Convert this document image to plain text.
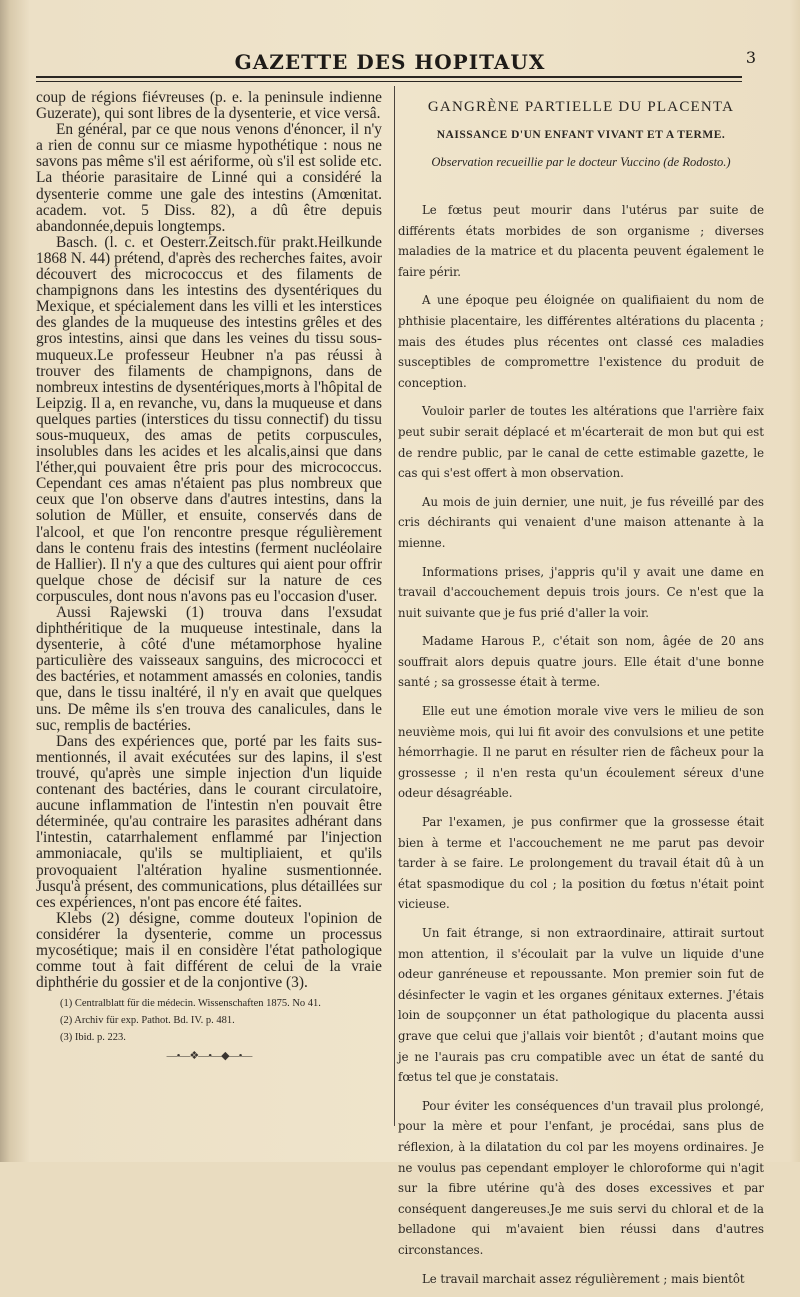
GAZETTE DES HOPITAUX	3

coup de régions fiévreuses (p. e. la peninsule indienne Guzerate), qui sont libres de la dysenterie, et vice versâ.

En général, par ce que nous venons d'énoncer, il n'y a rien de connu sur ce miasme hypothétique : nous ne savons pas même s'il est aériforme, où s'il est solide etc. La théorie parasitaire de Linné qui a considéré la dysenterie comme une gale des intestins (Amœnitat. academ. vot. 5 Diss. 82), a dû être depuis abandonnée,depuis longtemps.

Basch. (l. c. et Oesterr.Zeitsch.für prakt.Heilkunde 1868 N. 44) prétend, d'après des recherches faites, avoir découvert des micrococcus et des filaments de champignons dans les intestins des dysentériques du Mexique, et spécialement dans les villi et les interstices des glandes de la muqueuse des intestins grêles et des gros intestins, ainsi que dans les veines du tissu sous-muqueux.Le professeur Heubner n'a pas réussi à trouver des filaments de champignons, dans de nombreux intestins de dysentériques,morts à l'hôpital de Leipzig. Il a, en revanche, vu, dans la muqueuse et dans quelques parties (interstices du tissu connectif) du tissu sous-muqueux, des amas de petits corpuscules, insolubles dans les acides et les alcalis,ainsi que dans l'éther,qui pouvaient être pris pour des micrococcus. Cependant ces amas n'étaient pas plus nombreux que ceux que l'on observe dans d'autres intestins, dans la solution de Müller, et ensuite, conservés dans de l'alcool, et que l'on rencontre presque régulièrement dans le contenu frais des intestins (ferment nucléolaire de Hallier). Il n'y a que des cultures qui aient pour offrir quelque chose de décisif sur la nature de ces corpuscules, dont nous n'avons pas eu l'occasion d'user.

Aussi Rajewski (1) trouva dans l'exsudat diphthéritique de la muqueuse intestinale, dans la dysenterie, à côté d'une métamorphose hyaline particulière des vaisseaux sanguins, des micrococci et des bactéries, et notamment amassés en colonies, tandis que, dans le tissu inaltéré, il n'y en avait que quelques uns. De même ils s'en trouva des canalicules, dans le suc, remplis de bactéries.

Dans des expériences que, porté par les faits sus-mentionnés, il avait exécutées sur des lapins, il s'est trouvé, qu'après une simple injection d'un liquide contenant des bactéries, dans le courant circulatoire, aucune inflammation de l'intestin n'en pouvait être déterminée, qu'au contraire les parasites adhérant dans l'intestin, catarrhalement enflammé par l'injection ammoniacale, qu'ils se multipliaient, et qu'ils provoquaient l'altération hyaline susmentionnée. Jusqu'à présent, des communications, plus détaillées sur ces expériences, n'ont pas encore été faites.

Klebs (2) désigne, comme douteux l'opinion de considérer la dysenterie, comme un processus mycosétique; mais il en considère l'état pathologique comme tout à fait différent de celui de la vraie diphthérie du gossier et de la conjontive (3).

(1) Centralblatt für die médecin. Wissenschaften 1875. No 41.

(2) Archiv für exp. Pathot. Bd. IV. p. 481.

(3) Ibid. p. 223.

—•—❖—•—◆—•—
GANGRÈNE PARTIELLE DU PLACENTA
NAISSANCE D'UN ENFANT VIVANT ET A TERME.
Observation recueillie par le docteur Vuccino (de Rodosto.)

Le fœtus peut mourir dans l'utérus par suite de différents états morbides de son organisme ; diverses maladies de la matrice et du placenta peuvent également le faire périr.

A une époque peu éloignée on qualifiaient du nom de phthisie placentaire, les différentes altérations du placenta ; mais des études plus récentes ont classé ces maladies susceptibles de compromettre l'existence du produit de conception.

Vouloir parler de toutes les altérations que l'arrière faix peut subir serait déplacé et m'écarterait de mon but qui est de rendre public, par le canal de cette estimable gazette, le cas qui s'est offert à mon observation.

Au mois de juin dernier, une nuit, je fus réveillé par des cris déchirants qui venaient d'une maison attenante à la mienne.

Informations prises, j'appris qu'il y avait une dame en travail d'accouchement depuis trois jours. Ce n'est que la nuit suivante que je fus prié d'aller la voir.

Madame Harous P., c'était son nom, âgée de 20 ans souffrait alors depuis quatre jours. Elle était d'une bonne santé ; sa grossesse était à terme.

Elle eut une émotion morale vive vers le milieu de son neuvième mois, qui lui fit avoir des convulsions et une petite hémorrhagie. Il ne parut en résulter rien de fâcheux pour la grossesse ; il n'en resta qu'un écoulement séreux d'une odeur désagréable.

Par l'examen, je pus confirmer que la grossesse était bien à terme et l'accouchement ne me parut pas devoir tarder à se faire. Le prolongement du travail était dû à un état spasmodique du col ; la position du fœtus n'était point vicieuse.

Un fait étrange, si non extraordinaire, attirait surtout mon attention, il s'écoulait par la vulve un liquide d'une odeur ganréneuse et repoussante. Mon premier soin fut de désinfecter le vagin et les organes génitaux externes. J'étais loin de soupçonner un état pathologique du placenta aussi grave que celui que j'allais voir bientôt ; d'autant moins que je ne l'aurais pas cru compatible avec un état de santé du fœtus tel que je constatais.

Pour éviter les conséquences d'un travail plus prolongé, pour la mère et pour l'enfant, je procédai, sans plus de réflexion, à la dilatation du col par les moyens ordinaires. Je ne voulus pas cependant employer le chloroforme qui n'agit sur la fibre utérine qu'à des doses excessives et par conséquent dangereuses.Je me suis servi du chloral et de la belladone qui m'avaient bien réussi dans d'autres circonstances.

Le travail marchait assez régulièrement ; mais bientôt
